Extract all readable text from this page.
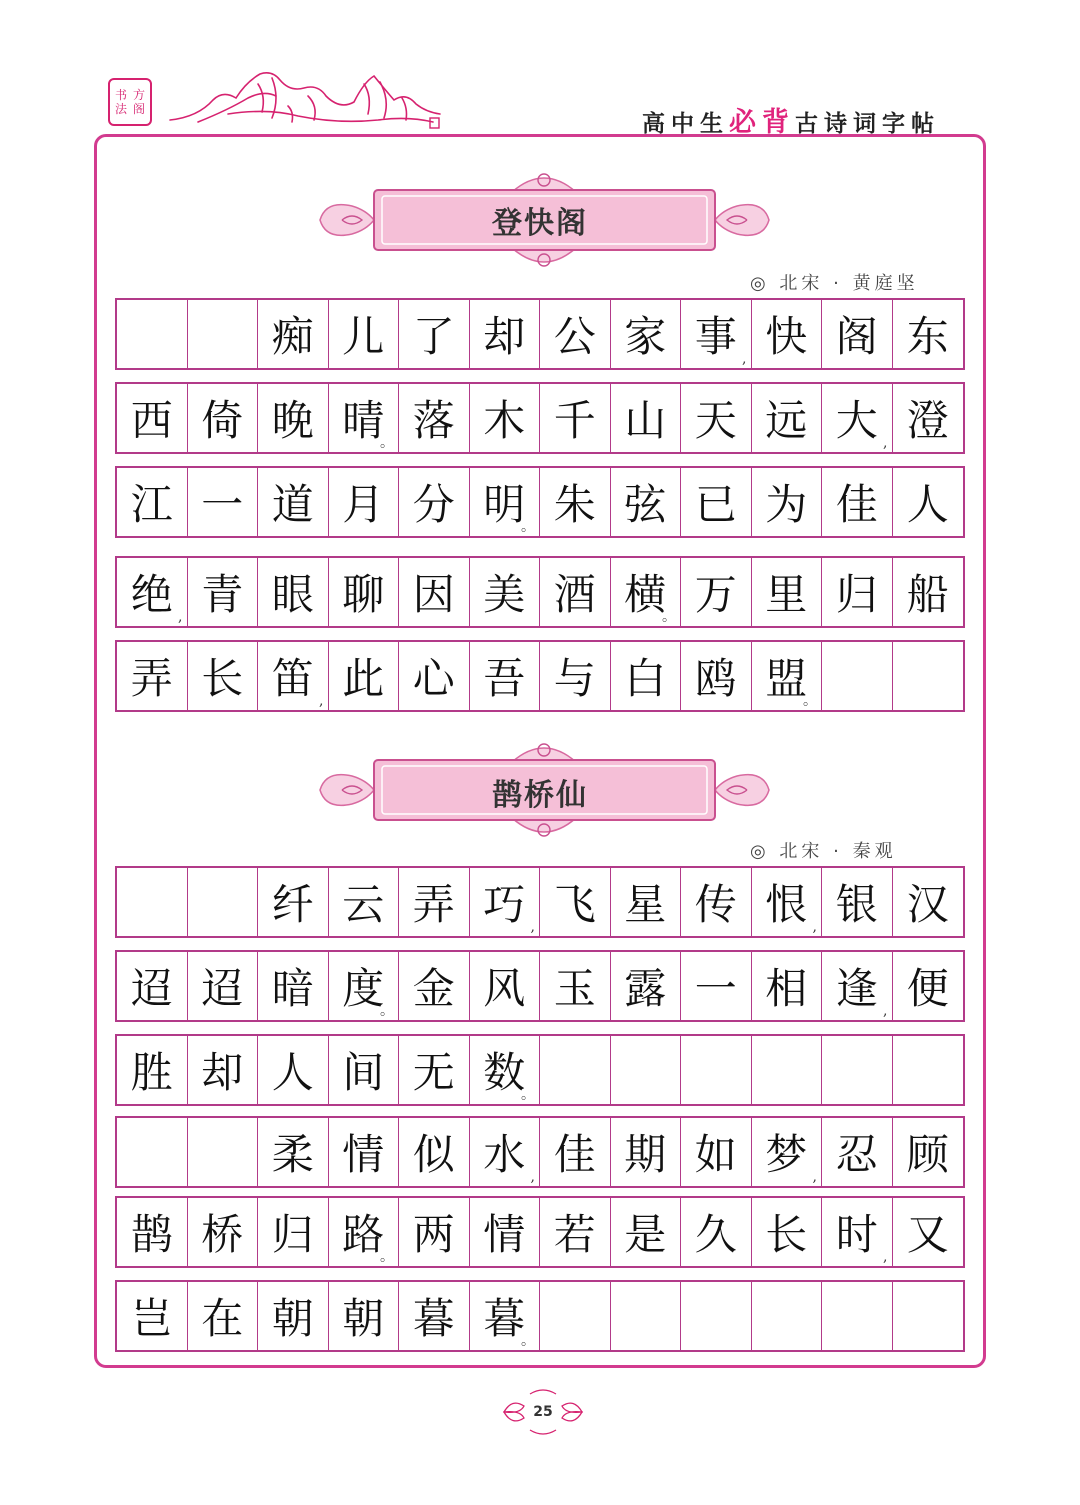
书 方
法 阁
高中生必背古诗词字帖
登快阁
◎ 北宋 · 黄庭坚
痴 儿 了 却 公 家 事 , 快 阁 东
西 倚 晚 晴
。 落 木 千 山 天 远 大 , 澄
江 一 道 月 分 明
。 朱 弦 已 为 佳 人
绝 , 青 眼 聊 因 美 酒 横
。 万 里 归 船
弄 长 笛 , 此 心 吾 与 白 鸥 盟
。
鹊桥仙
◎ 北宋 · 秦观
纤 云 弄 巧 , 飞 星 传 恨 , 银 汉
迢 迢 暗 度
。 金 风 玉 露 一 相 逢 , 便
胜 却 人 间 无 数
。
柔 情 似 水 , 佳 期 如 梦 , 忍 顾
鹊 桥 归 路
。 两 情 若 是 久 长 时 , 又
岂 在 朝 朝 暮 暮
。
25
